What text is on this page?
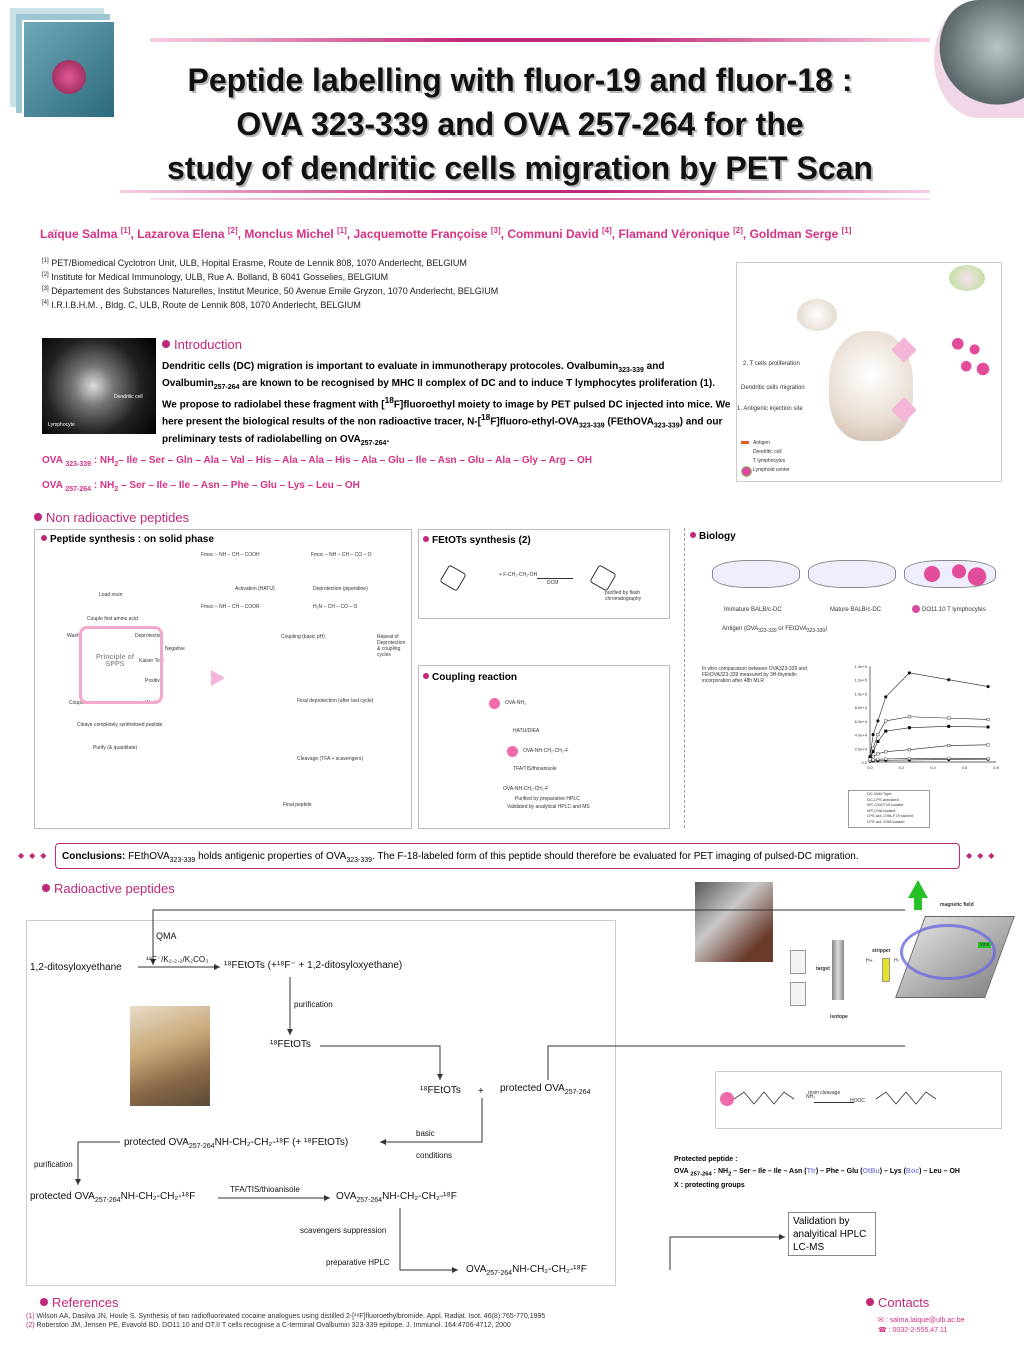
Peptide labelling with fluor-19 and fluor-18 :
OVA 323-339 and OVA 257-264 for the
study of dendritic cells migration by PET Scan
Laïque Salma [1], Lazarova Elena [2], Monclus Michel [1], Jacquemotte Françoise [3], Communi David [4], Flamand Véronique [2], Goldman Serge [1]
[1] PET/Biomedical Cyclotron Unit, ULB, Hopital Erasme, Route de Lennik 808, 1070 Anderlecht, BELGIUM
[2] Institute for Medical Immunology, ULB, Rue A. Bolland, B 6041 Gosselies, BELGIUM
[3] Département des Substances Naturelles, Institut Meurice, 50 Avenue Emile Gryzon, 1070 Anderlecht, BELGIUM
[4] I.R.I.B.H.M. , Bldg. C, ULB, Route de Lennik 808, 1070 Anderlecht, BELGIUM
Dendritic cell
Lymphocyte
Introduction
Dendritic cells (DC) migration is important to evaluate in immunotherapy protocoles. Ovalbumin$_{323-339}$ and Ovalbumin$_{257-264}$ are known to be recognised by MHC II complex of DC and to induce T lymphocytes proliferation (1).
We propose to radiolabel these fragment with [$^{18}$F]fluoroethyl moiety to image by PET pulsed DC injected into mice. We here present the biological results of the non radioactive tracer, $N-[^{18}F]fluoro-ethyl-OVA_{323-339}$ (FEthOVA$_{323-339}$) and our preliminary tests of radiolabelling on $OVA_{257-264}$.
OVA $_{323-339}$ : $NH_2-$ Ile – Ser – Gln – Ala – Val – His – Ala – Ala – His – Ala – Glu – Ile – Asn – Glu – Ala – Gly – Arg – OH
OVA $_{257-264}$ : $NH_2$ – Ser – Ile – Ile – Asn – Phe – Glu – Lys – Leu – OH
2. T cells proliferation
Dendritic cells migration
1. Antigenic injection site
Antigen
Dendritic cell
T lymphocytes
Lymphoid center
Non radioactive peptides
Peptide synthesis : on solid phase
Load resin
Couple first amino acid
Wash	Deprotection
Negative
Kaiser Test
Positive
Couple	Wash
Cleave completely synthetised peptide
Purify (& quantitate)
Principle of SPPS
Fmoc – NH – CH – COOH
Activation (HATU)
Fmoc – NH – CH – COOR
Fmoc – NH – CH – CO – O
Deprotection (piperidine)
H₂N – CH – CO – O
Coupling (basic pH)	Repeat of Deprotection & coupling cycles
Final deprotection (after last cycle)
Cleavage (TFA + scavengers)
Final peptide
FEtOTs synthesis (2)
+ F-CH₂-CH₂-OH
DCM
purified by flash chromatography
Coupling reaction
OVA-NH₂
HATU/DIEA
OVA-NH-CH₂-CH₂-F
TFA/TIS/thioanisole
OVA-NH-CH₂-CH₂-F
Purified by preparative HPLC
Validated by analytical HPLC and MS
Biology
Immature BALB/c-DC	Mature BALB/c-DC	DO11.10 T lymphocytes
Antigen ($OVA_{323-339}$ or FEtOVA$_{323-339}$)
In vitro comparaison between OVA323-339 and FEtOVA323-339 measured by 3H-thymidin incorporation after 48h MLR
0.0
2.0e+4
4.0e+4
6.0e+4
8.0e+4
1.0e+5
1.2e+5
1.4e+5
0.0	0.2	0.4	0.6	0.8
DC-Wild Type
DC-LPS activated
WT-OVA F19 loaded
WT-OVA loaded
LPS act.-OVA-F19 loaded
LPS act.-OVA loaded
◆◆◆	Conclusions: FEthOVA$_{323-339}$ holds antigenic properties of $OVA_{323-339}$. The F-18-labeled form of this peptide should therefore be evaluated for PET imaging of pulsed-DC migration.	◆◆◆
Radioactive peptides
QMA
1,2-ditosyloxyethane
¹⁸F⁻/K₂.₂.₂/K₂CO₃
¹⁸FEtOTs (+¹⁸F⁻ + 1,2-ditosyloxyethane)
purification
¹⁸FEtOTs
¹⁸FEtOTs + protected $OVA_{257-264}$
basic
conditions
protected $OVA_{257-264}NH-CH_2-CH_2$-¹⁸F (+ ¹⁸FEtOTs)
purification
protected $OVA_{257-264}NH-CH_2-CH_2$-¹⁸F
TFA/TIS/thioanisole
$OVA_{257-264}NH-CH_2-CH_2$-¹⁸F
scavengers suppression
preparative HPLC
$OVA_{257-264}NH-CH_2-CH_2$-¹⁸F
Validation by
analyitical HPLC
LC-MS
NH₂
resin cleavage
HOOC
Protected peptide :
OVA $_{257-264}$ : $NH_2$ – Ser – Ile – Ile – Asn (Ttr) – Phe – Glu (OtBu) – Lys (Boc) – Leu – OH
X : protecting groups
magnetic field
ions
stripper
H+	H-
target
isotope
References
(1) Wilson AA, Dasilva JN, Houle S. Synthesis of two radiofluorinated cocaine analogues using distilled 2-[¹⁸F]fluoroethylbromide. Appl. Radiat. Isot. 46(8):765-770,1995
(2) Roberston JM, Jensen PE, Evavold BD. DO11.10 and OT.II T cells recognise a C-terminal Ovalbumin 323-339 epitope. J. Immunol. 164:4706-4712, 2000
Contacts
✉ : salma.laique@ulb.ac.be
☎ : 0032-2-555.47.11
